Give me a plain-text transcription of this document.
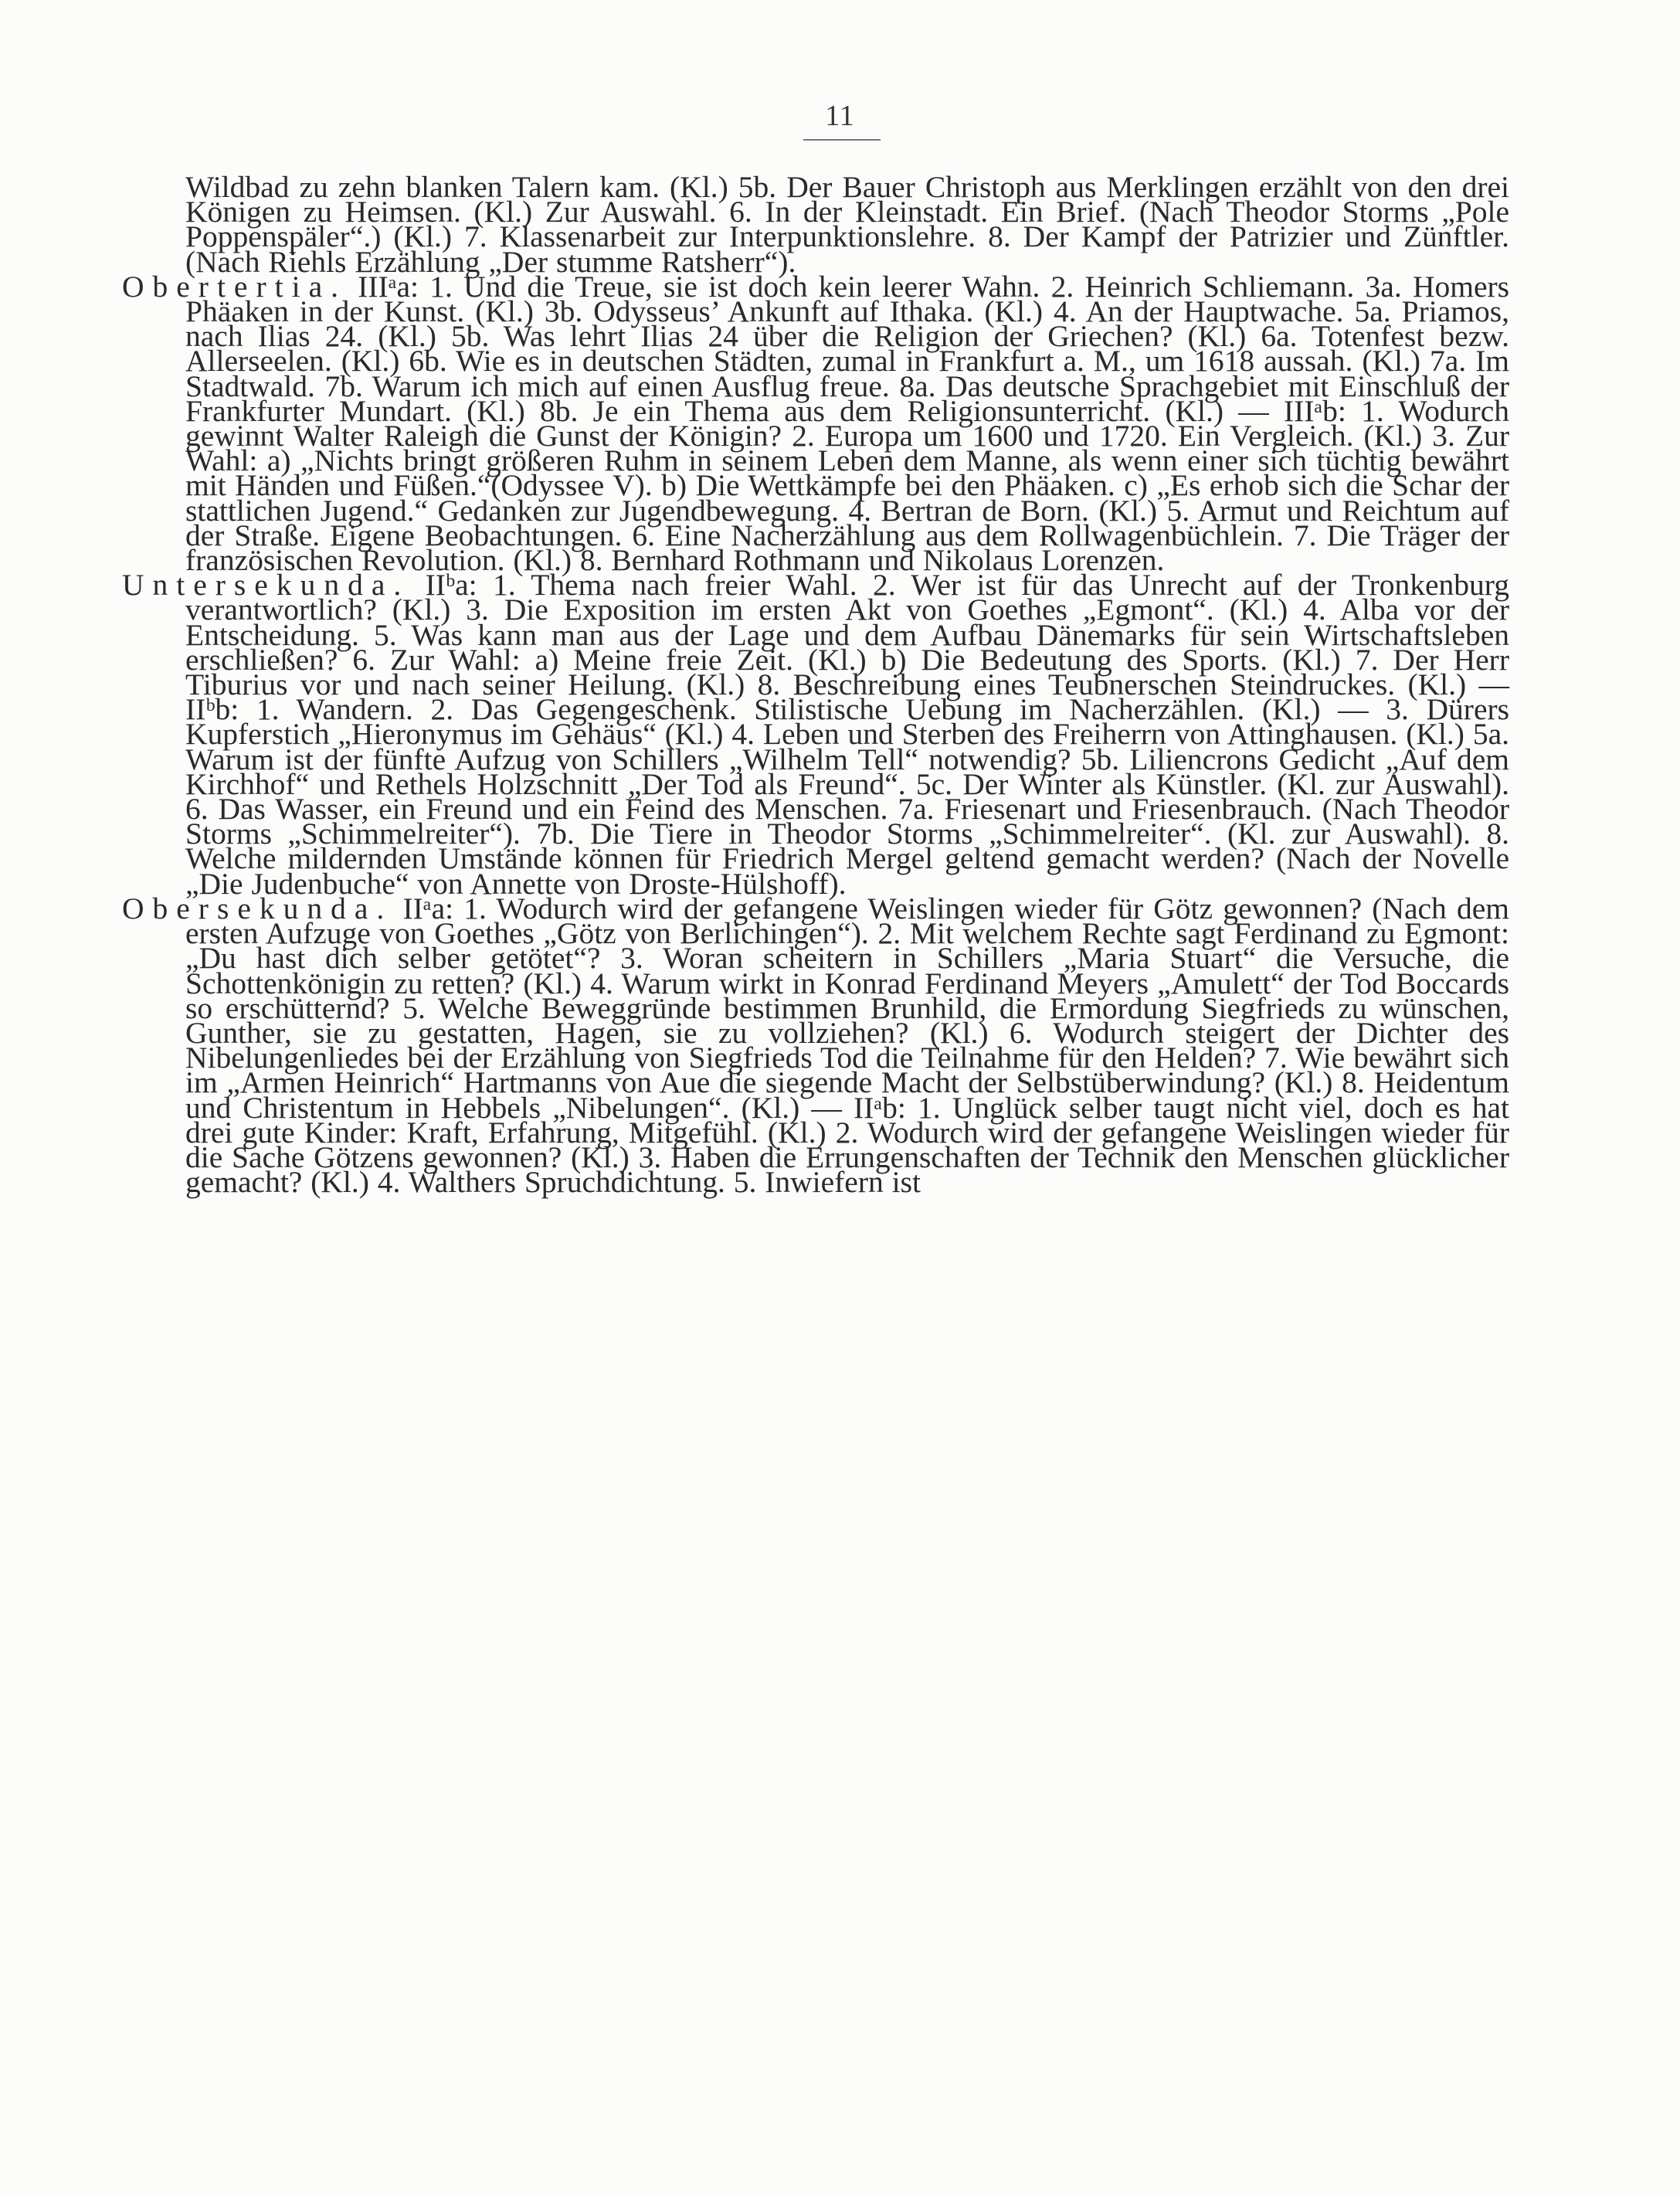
11

Wildbad zu zehn blanken Talern kam. (Kl.) 5b. Der Bauer Christoph aus Merklingen erzählt von den drei Königen zu Heimsen. (Kl.) Zur Auswahl. 6. In der Kleinstadt. Ein Brief. (Nach Theodor Storms „Pole Poppenspäler“.) (Kl.) 7. Klassenarbeit zur Interpunktionslehre. 8. Der Kampf der Patrizier und Zünftler. (Nach Riehls Erzählung „Der stumme Ratsherr“).

Obertertia. IIIᵃa: 1. Und die Treue, sie ist doch kein leerer Wahn. 2. Heinrich Schliemann. 3a. Homers Phäaken in der Kunst. (Kl.) 3b. Odysseus’ Ankunft auf Ithaka. (Kl.) 4. An der Hauptwache. 5a. Priamos, nach Ilias 24. (Kl.) 5b. Was lehrt Ilias 24 über die Religion der Griechen? (Kl.) 6a. Totenfest bezw. Allerseelen. (Kl.) 6b. Wie es in deutschen Städten, zumal in Frankfurt a. M., um 1618 aussah. (Kl.) 7a. Im Stadtwald. 7b. Warum ich mich auf einen Ausflug freue. 8a. Das deutsche Sprachgebiet mit Einschluß der Frankfurter Mundart. (Kl.) 8b. Je ein Thema aus dem Religionsunterricht. (Kl.) — IIIᵃb: 1. Wodurch gewinnt Walter Raleigh die Gunst der Königin? 2. Europa um 1600 und 1720. Ein Vergleich. (Kl.) 3. Zur Wahl: a) „Nichts bringt größeren Ruhm in seinem Leben dem Manne, als wenn einer sich tüchtig bewährt mit Händen und Füßen.“(Odyssee V). b) Die Wettkämpfe bei den Phäaken. c) „Es erhob sich die Schar der stattlichen Jugend.“ Gedanken zur Jugendbewegung. 4. Bertran de Born. (Kl.) 5. Armut und Reichtum auf der Straße. Eigene Beobachtungen. 6. Eine Nacherzählung aus dem Rollwagenbüchlein. 7. Die Träger der französischen Revolution. (Kl.) 8. Bernhard Rothmann und Nikolaus Lorenzen.

Untersekunda. IIᵇa: 1. Thema nach freier Wahl. 2. Wer ist für das Unrecht auf der Tronkenburg verantwortlich? (Kl.) 3. Die Exposition im ersten Akt von Goethes „Egmont“. (Kl.) 4. Alba vor der Entscheidung. 5. Was kann man aus der Lage und dem Aufbau Dänemarks für sein Wirtschaftsleben erschließen? 6. Zur Wahl: a) Meine freie Zeit. (Kl.) b) Die Bedeutung des Sports. (Kl.) 7. Der Herr Tiburius vor und nach seiner Heilung. (Kl.) 8. Beschreibung eines Teubnerschen Steindruckes. (Kl.) — IIᵇb: 1. Wandern. 2. Das Gegengeschenk. Stilistische Uebung im Nacherzählen. (Kl.) — 3. Dürers Kupferstich „Hieronymus im Gehäus“ (Kl.) 4. Leben und Sterben des Freiherrn von Attinghausen. (Kl.) 5a. Warum ist der fünfte Aufzug von Schillers „Wilhelm Tell“ notwendig? 5b. Liliencrons Gedicht „Auf dem Kirchhof“ und Rethels Holzschnitt „Der Tod als Freund“. 5c. Der Winter als Künstler. (Kl. zur Auswahl). 6. Das Wasser, ein Freund und ein Feind des Menschen. 7a. Friesenart und Friesenbrauch. (Nach Theodor Storms „Schimmelreiter“). 7b. Die Tiere in Theodor Storms „Schimmelreiter“. (Kl. zur Auswahl). 8. Welche mildernden Umstände können für Friedrich Mergel geltend gemacht werden? (Nach der Novelle „Die Judenbuche“ von Annette von Droste-Hülshoff).

Obersekunda. IIᵃa: 1. Wodurch wird der gefangene Weislingen wieder für Götz gewonnen? (Nach dem ersten Aufzuge von Goethes „Götz von Berlichingen“). 2. Mit welchem Rechte sagt Ferdinand zu Egmont: „Du hast dich selber getötet“? 3. Woran scheitern in Schillers „Maria Stuart“ die Versuche, die Schottenkönigin zu retten? (Kl.) 4. Warum wirkt in Konrad Ferdinand Meyers „Amulett“ der Tod Boccards so erschütternd? 5. Welche Beweggründe bestimmen Brunhild, die Ermordung Siegfrieds zu wünschen, Gunther, sie zu gestatten, Hagen, sie zu vollziehen? (Kl.) 6. Wodurch steigert der Dichter des Nibelungenliedes bei der Erzählung von Siegfrieds Tod die Teilnahme für den Helden? 7. Wie bewährt sich im „Armen Heinrich“ Hartmanns von Aue die siegende Macht der Selbstüberwindung? (Kl.) 8. Heidentum und Christentum in Hebbels „Nibelungen“. (Kl.) — IIᵃb: 1. Unglück selber taugt nicht viel, doch es hat drei gute Kinder: Kraft, Erfahrung, Mitgefühl. (Kl.) 2. Wodurch wird der gefangene Weislingen wieder für die Sache Götzens gewonnen? (Kl.) 3. Haben die Errungenschaften der Technik den Menschen glücklicher gemacht? (Kl.) 4. Walthers Spruchdichtung. 5. Inwiefern ist
